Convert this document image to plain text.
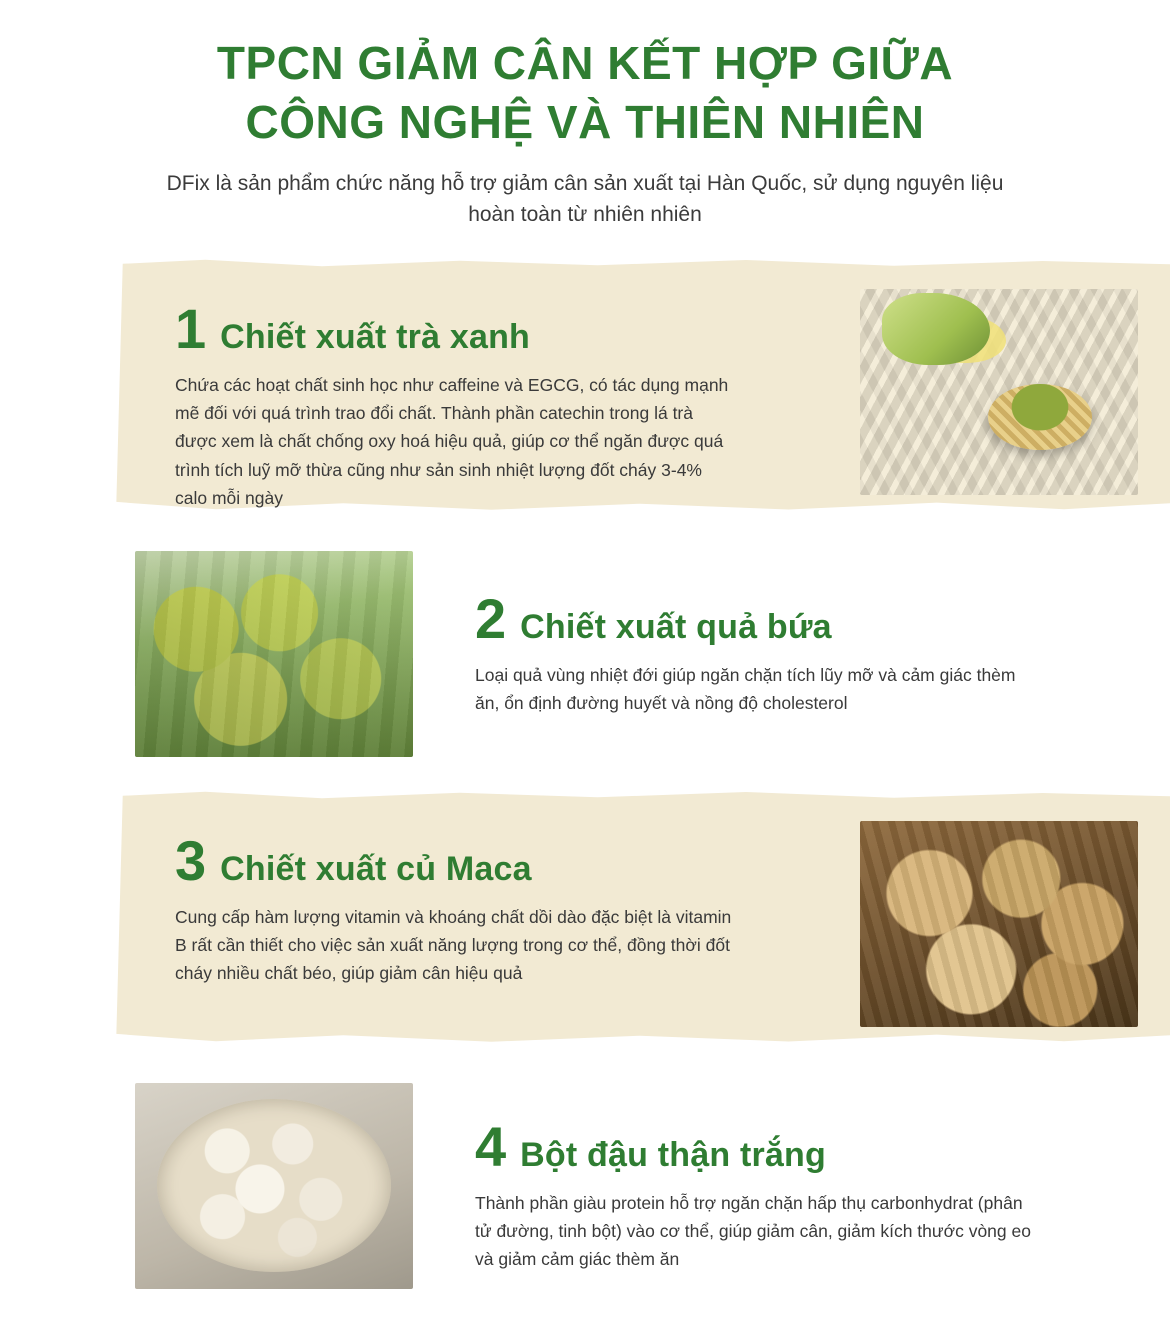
TPCN GIẢM CÂN KẾT HỢP GIỮA
CÔNG NGHỆ VÀ THIÊN NHIÊN

DFix là sản phẩm chức năng hỗ trợ giảm cân sản xuất tại Hàn Quốc, sử dụng nguyên liệu hoàn toàn từ nhiên nhiên

1 Chiết xuất trà xanh

Chứa các hoạt chất sinh học như caffeine và EGCG, có tác dụng mạnh mẽ đối với quá trình trao đổi chất. Thành phần catechin trong lá trà được xem là chất chống oxy hoá hiệu quả, giúp cơ thể ngăn được quá trình tích luỹ mỡ thừa cũng như sản sinh nhiệt lượng đốt cháy 3-4% calo mỗi ngày

2 Chiết xuất quả bứa

Loại quả vùng nhiệt đới giúp ngăn chặn tích lũy mỡ và cảm giác thèm ăn, ổn định đường huyết và nồng độ cholesterol

3 Chiết xuất củ Maca

Cung cấp hàm lượng vitamin và khoáng chất dồi dào đặc biệt là vitamin B rất cần thiết cho việc sản xuất năng lượng trong cơ thể, đồng thời đốt cháy nhiều chất béo, giúp giảm cân hiệu quả

4 Bột đậu thận trắng

Thành phần giàu protein hỗ trợ ngăn chặn hấp thụ carbonhydrat (phân tử đường, tinh bột) vào cơ thể, giúp giảm cân, giảm kích thước vòng eo và giảm cảm giác thèm ăn
